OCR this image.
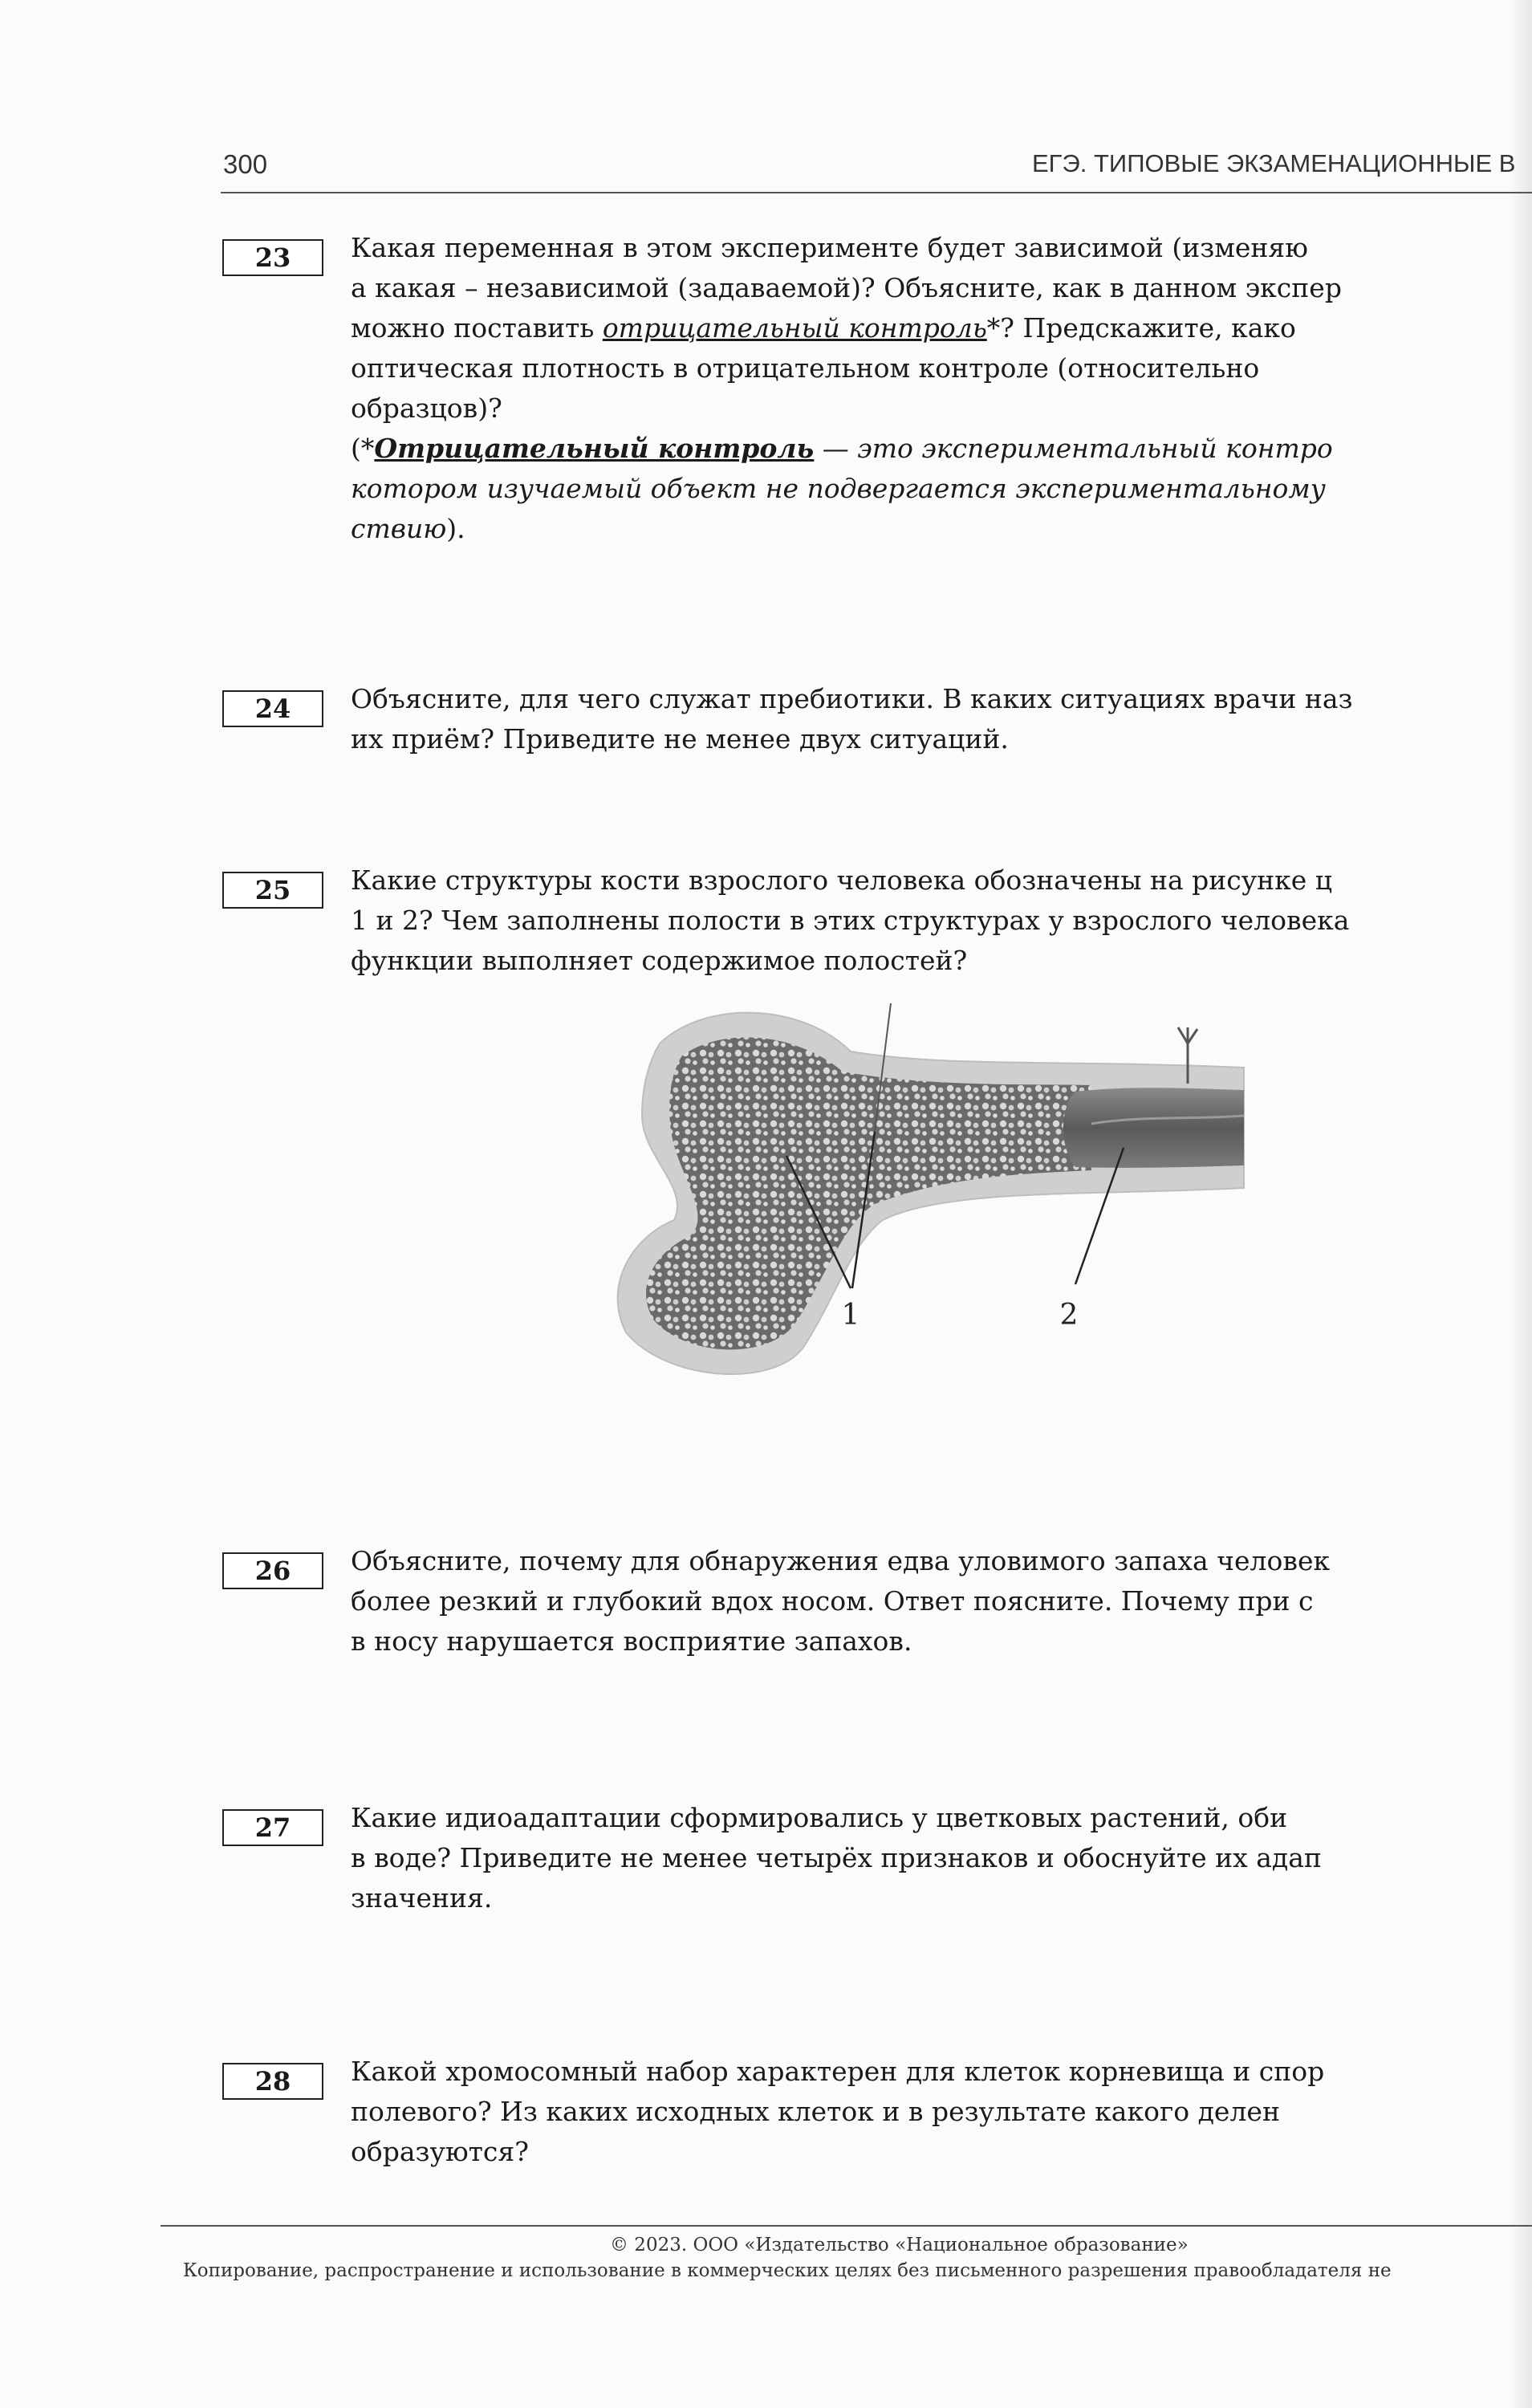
300	ЕГЭ. ТИПОВЫЕ ЭКЗАМЕНАЦИОННЫЕ В
23	Какая переменная в этом эксперименте будет зависимой (изменяю

а какая – независимой (задаваемой)? Объясните, как в данном экспер

можно поставить отрицательный контроль*? Предскажите, како

оптическая плотность в отрицательном контроле (относительно

образцов)?

(*Отрицательный контроль — это экспериментальный контро

котором изучаемый объект не подвергается экспериментальному

ствию).

24	Объясните, для чего служат пребиотики. В каких ситуациях врачи наз

их приём? Приведите не менее двух ситуаций.

25	Какие структуры кости взрослого человека обозначены на рисунке ц

1 и 2? Чем заполнены полости в этих структурах у взрослого человека

функции выполняет содержимое полостей?

1	2
26	Объясните, почему для обнаружения едва уловимого запаха человек

более резкий и глубокий вдох носом. Ответ поясните. Почему при с

в носу нарушается восприятие запахов.

27	Какие идиоадаптации сформировались у цветковых растений, оби

в воде? Приведите не менее четырёх признаков и обоснуйте их адап

значения.

28	Какой хромосомный набор характерен для клеток корневища и спор

полевого? Из каких исходных клеток и в результате какого делен

образуются?

© 2023. ООО «Издательство «Национальное образование»
Копирование, распространение и использование в коммерческих целях без письменного разрешения правообладателя не
